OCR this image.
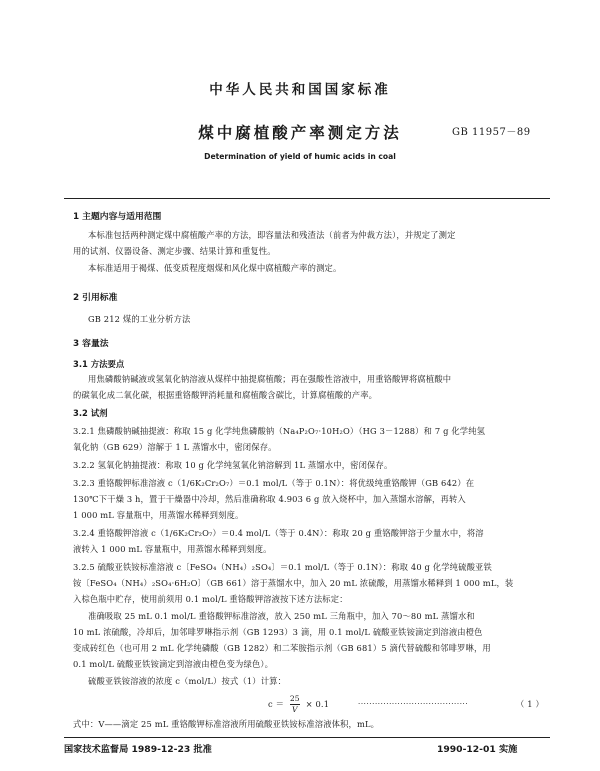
中华人民共和国国家标准
煤中腐植酸产率测定方法	GB 11957－89
Determination of yield of humic acids in coal
1 主题内容与适用范围
本标准包括两种测定煤中腐植酸产率的方法，即容量法和残渣法（前者为仲裁方法），并规定了测定
用的试剂、仪器设备、测定步骤、结果计算和重复性。
本标准适用于褐煤、低变质程度烟煤和风化煤中腐植酸产率的测定。
2 引用标准
GB 212 煤的工业分析方法
3 容量法
3.1 方法要点
用焦磷酸钠碱液或氢氧化钠溶液从煤样中抽提腐植酸；再在强酸性溶液中，用重铬酸钾将腐植酸中
的碳氧化成二氧化碳，根据重铬酸钾消耗量和腐植酸含碳比，计算腐植酸的产率。
3.2 试剂
3.2.1 焦磷酸钠碱抽提液：称取 15 g 化学纯焦磷酸钠（Na₄P₂O₇·10H₂O）（HG 3－1288）和 7 g 化学纯氢
氧化钠（GB 629）溶解于 1 L 蒸馏水中，密闭保存。
3.2.2 氢氧化钠抽提液：称取 10 g 化学纯氢氧化钠溶解到 1L 蒸馏水中，密闭保存。
3.2.3 重铬酸钾标准溶液 c（1/6K₂Cr₂O₇）＝0.1 mol/L（等于 0.1N）：将优级纯重铬酸钾（GB 642）在
130℃下干燥 3 h，置于干燥器中冷却，然后准确称取 4.903 6 g 放入烧杯中，加入蒸馏水溶解，再转入
1 000 mL 容量瓶中，用蒸馏水稀释到刻度。
3.2.4 重铬酸钾溶液 c（1/6K₂Cr₂O₇）＝0.4 mol/L（等于 0.4N）：称取 20 g 重铬酸钾溶于少量水中，将溶
液转入 1 000 mL 容量瓶中，用蒸馏水稀释到刻度。
3.2.5 硫酸亚铁铵标准溶液 c〔FeSO₄（NH₄）₂SO₄〕＝0.1 mol/L（等于 0.1N）：称取 40 g 化学纯硫酸亚铁
铵〔FeSO₄（NH₄）₂SO₄·6H₂O〕（GB 661）溶于蒸馏水中，加入 20 mL 浓硫酸，用蒸馏水稀释到 1 000 mL，装
入棕色瓶中贮存，使用前须用 0.1 mol/L 重铬酸钾溶液按下述方法标定：
准确吸取 25 mL 0.1 mol/L 重铬酸钾标准溶液，放入 250 mL 三角瓶中，加入 70～80 mL 蒸馏水和
10 mL 浓硫酸，冷却后，加邻啡罗啉指示剂（GB 1293）3 滴，用 0.1 mol/L 硫酸亚铁铵滴定到溶液由橙色
变成砖红色（也可用 2 mL 化学纯磷酸（GB 1282）和二苯胺指示剂（GB 681）5 滴代替硫酸和邻啡罗啉，用
0.1 mol/L 硫酸亚铁铵滴定到溶液由橙色变为绿色）。
硫酸亚铁铵溶液的浓度 c（mol/L）按式（1）计算：
$c = \frac{25}{V} \times 0.1$	·······································	（ 1 ）
式中：V——滴定 25 mL 重铬酸钾标准溶液所用硫酸亚铁铵标准溶液体积，mL。
国家技术监督局 1989-12-23 批准	1990-12-01 实施
